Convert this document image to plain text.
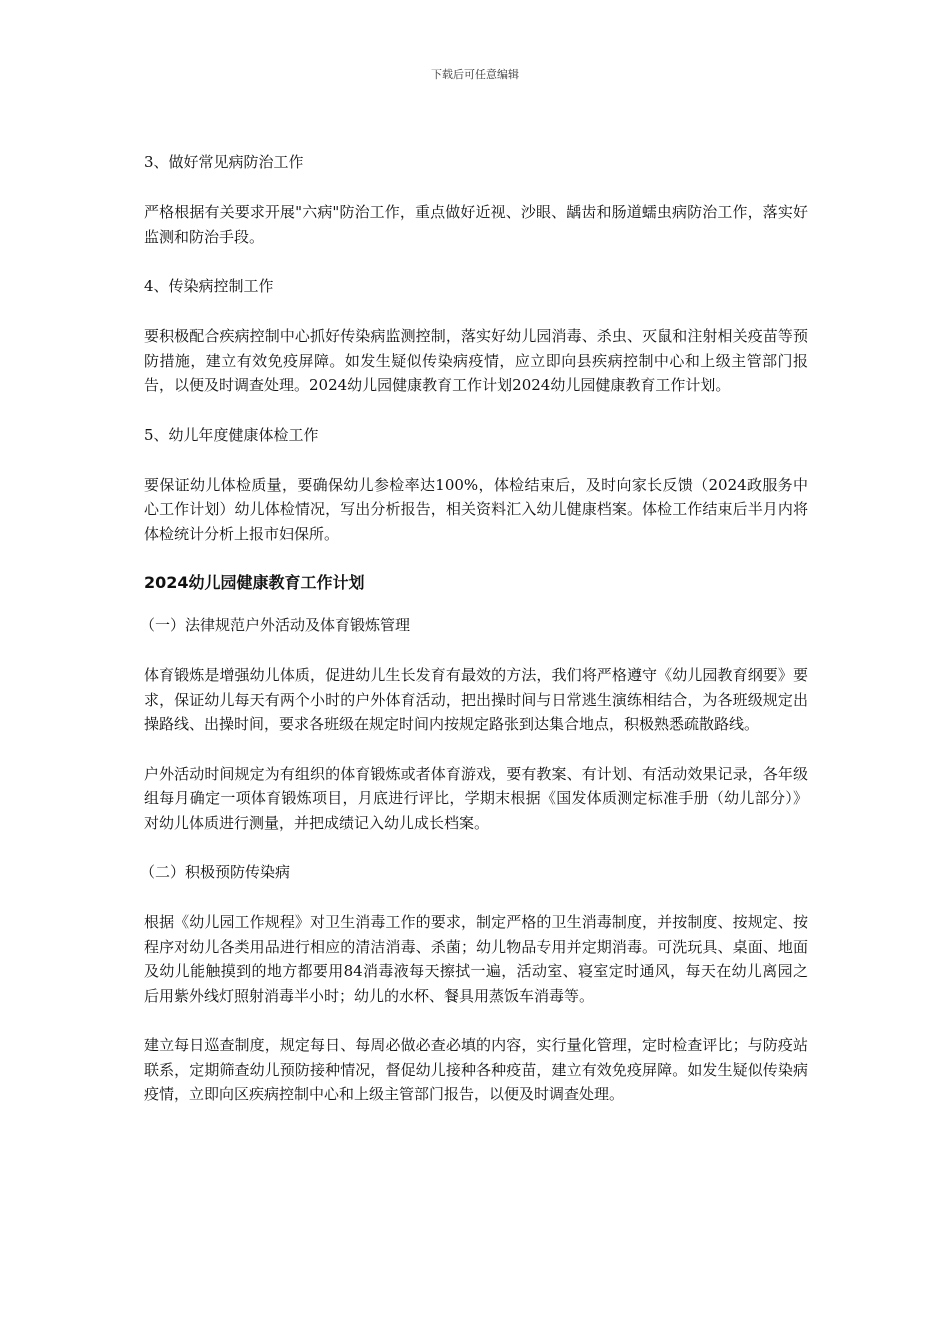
下载后可任意编辑
3、做好常见病防治工作
严格根据有关要求开展"六病"防治工作，重点做好近视、沙眼、龋齿和肠道蠕虫病防治工作，落实好监测和防治手段。
4、传染病控制工作
要积极配合疾病控制中心抓好传染病监测控制，落实好幼儿园消毒、杀虫、灭鼠和注射相关疫苗等预防措施，建立有效免疫屏障。如发生疑似传染病疫情，应立即向县疾病控制中心和上级主管部门报告，以便及时调查处理。2024幼儿园健康教育工作计划2024幼儿园健康教育工作计划。
5、幼儿年度健康体检工作
要保证幼儿体检质量，要确保幼儿参检率达100%，体检结束后，及时向家长反馈（2024政服务中心工作计划）幼儿体检情况，写出分析报告，相关资料汇入幼儿健康档案。体检工作结束后半月内将体检统计分析上报市妇保所。
2024幼儿园健康教育工作计划
（一）法律规范户外活动及体育锻炼管理
体育锻炼是增强幼儿体质，促进幼儿生长发育有最效的方法，我们将严格遵守《幼儿园教育纲要》要求，保证幼儿每天有两个小时的户外体育活动，把出操时间与日常逃生演练相结合，为各班级规定出操路线、出操时间，要求各班级在规定时间内按规定路张到达集合地点，积极熟悉疏散路线。
户外活动时间规定为有组织的体育锻炼或者体育游戏，要有教案、有计划、有活动效果记录，各年级组每月确定一项体育锻炼项目，月底进行评比，学期末根据《国发体质测定标准手册（幼儿部分）》对幼儿体质进行测量，并把成绩记入幼儿成长档案。
（二）积极预防传染病
根据《幼儿园工作规程》对卫生消毒工作的要求，制定严格的卫生消毒制度，并按制度、按规定、按程序对幼儿各类用品进行相应的清洁消毒、杀菌；幼儿物品专用并定期消毒。可洗玩具、桌面、地面及幼儿能触摸到的地方都要用84消毒液每天擦拭一遍，活动室、寝室定时通风，每天在幼儿离园之后用紫外线灯照射消毒半小时；幼儿的水杯、餐具用蒸饭车消毒等。
建立每日巡查制度，规定每日、每周必做必查必填的内容，实行量化管理，定时检查评比；与防疫站联系，定期筛查幼儿预防接种情况，督促幼儿接种各种疫苗，建立有效免疫屏障。如发生疑似传染病疫情，立即向区疾病控制中心和上级主管部门报告，以便及时调查处理。
